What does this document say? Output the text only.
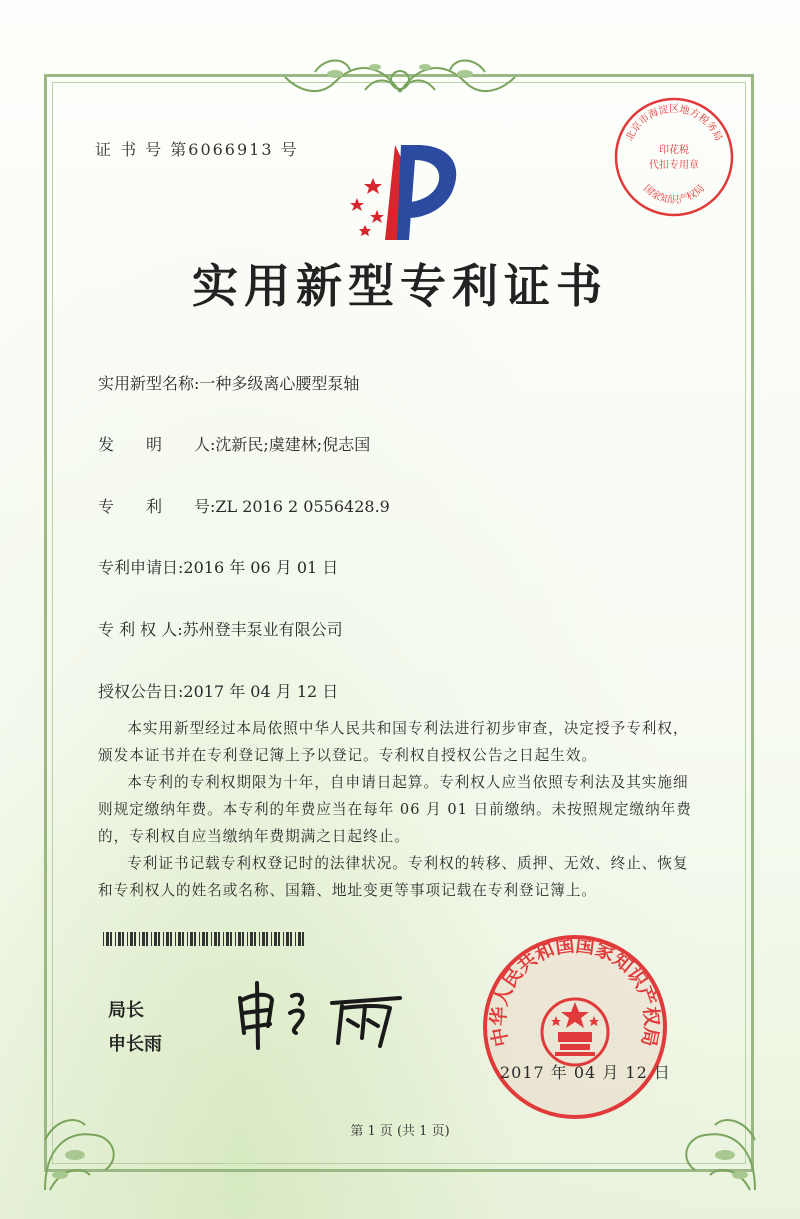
证 书 号 第6066913 号
实用新型专利证书
北京市海淀区地方税务局
印花税
代扣专用章
国家知识产权局
实用新型名称:一种多级离心腰型泵轴
发　　明　　人:沈新民;虞建林;倪志国
专　　利　　号:ZL 2016 2 0556428.9
专利申请日:2016 年 06 月 01 日
专 利 权 人:苏州登丰泵业有限公司
授权公告日:2017 年 04 月 12 日

本实用新型经过本局依照中华人民共和国专利法进行初步审查，决定授予专利权，颁发本证书并在专利登记簿上予以登记。专利权自授权公告之日起生效。

本专利的专利权期限为十年，自申请日起算。专利权人应当依照专利法及其实施细则规定缴纳年费。本专利的年费应当在每年 06 月 01 日前缴纳。未按照规定缴纳年费的，专利权自应当缴纳年费期满之日起终止。

专利证书记载专利权登记时的法律状况。专利权的转移、质押、无效、终止、恢复和专利权人的姓名或名称、国籍、地址变更等事项记载在专利登记簿上。

局长
申长雨	中华人民共和国国家知识产权局
2017 年 04 月 12 日
第 1 页 (共 1 页)
